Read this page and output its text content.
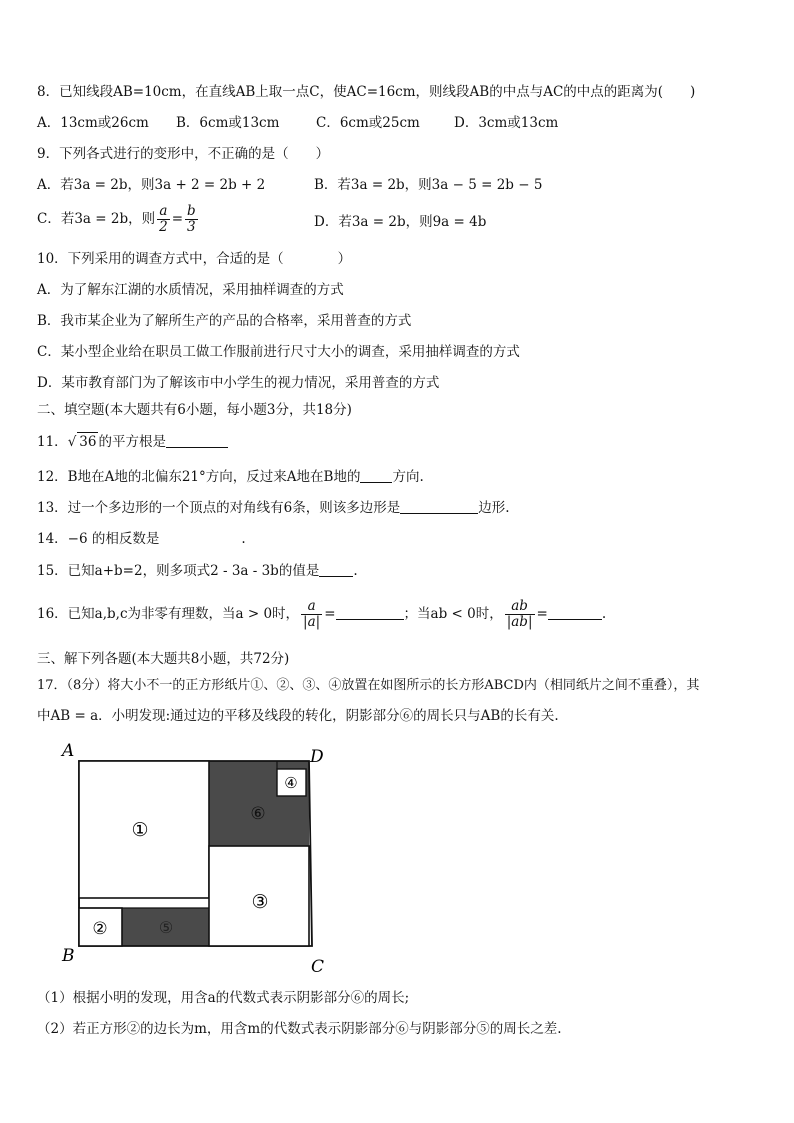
8．已知线段AB=10cm，在直线AB上取一点C，使AC=16cm，则线段AB的中点与AC的中点的距离为(　　)
A．13cm或26cm B．6cm或13cm	C．6cm或25cm	D．3cm或13cm
9．下列各式进行的变形中，不正确的是（　　）
A．若3a = 2b，则3a + 2 = 2b + 2	B．若3a = 2b，则3a − 5 = 2b − 5
C．若3a = 2b，则 $\frac{a}{2} = \frac{b}{3}$	D．若3a = 2b，则9a = 4b
10．下列采用的调查方式中，合适的是（　　　　）
A．为了解东江湖的水质情况，采用抽样调查的方式
B．我市某企业为了解所生产的产品的合格率，采用普查的方式
C．某小型企业给在职员工做工作服前进行尺寸大小的调查，采用抽样调查的方式
D．某市教育部门为了解该市中小学生的视力情况，采用普查的方式
二、填空题(本大题共有6小题，每小题3分，共18分)
11．√ 36 的平方根是
12．B地在A地的北偏东21°方向，反过来A地在B地的 方向.
13．过一个多边形的一个顶点的对角线有6条，则该多边形是	边形.
14．−6 的相反数是	.
15．已知a+b=2，则多项式2 - 3a - 3b的值是	.
16．已知a,b,c为非零有理数，当a > 0时， $\frac{a}{|a|}$ =	；当ab < 0时， $\frac{ab}{|ab|}$ =	.
三、解下列各题(本大题共8小题，共72分)
17．（8分）将大小不一的正方形纸片①、②、③、④放置在如图所示的长方形ABCD内（相同纸片之间不重叠），其
中AB = a．小明发现:通过边的平移及线段的转化，阴影部分⑥的周长只与AB的长有关.
①
②
③
④
⑤
⑥
A	D
B
C
（1）根据小明的发现，用含a的代数式表示阴影部分⑥的周长;
（2）若正方形②的边长为m，用含m的代数式表示阴影部分⑥与阴影部分⑤的周长之差.
